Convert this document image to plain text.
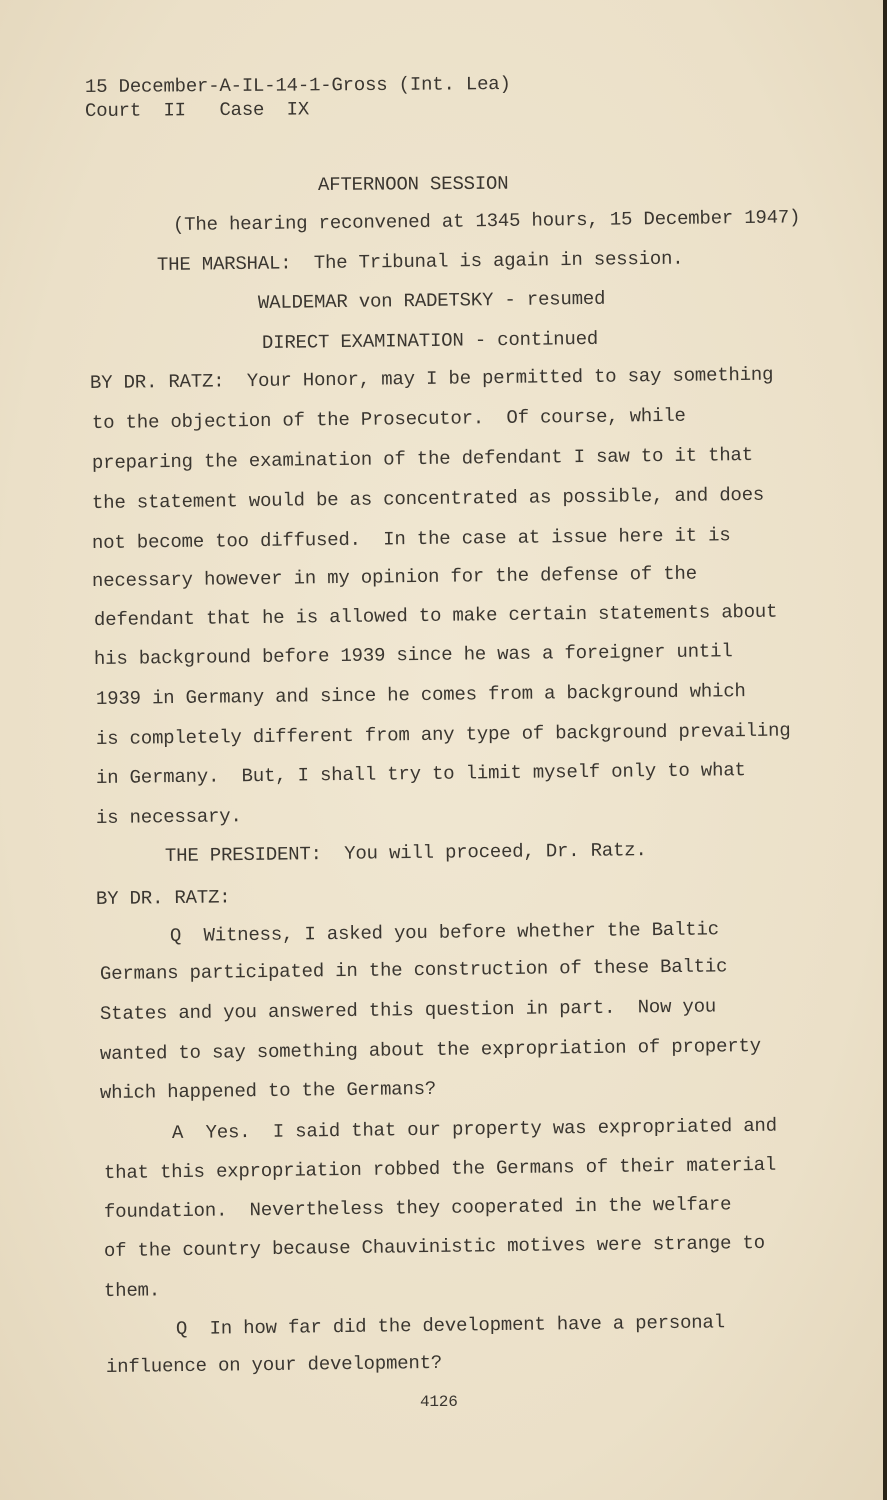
15 December-A-IL-14-1-Gross (Int. Lea)
Court  II   Case  IX
AFTERNOON SESSION
(The hearing reconvened at 1345 hours, 15 December 1947)
THE MARSHAL:  The Tribunal is again in session.
WALDEMAR von RADETSKY - resumed
DIRECT EXAMINATION - continued
BY DR. RATZ:  Your Honor, may I be permitted to say something
to the objection of the Prosecutor.  Of course, while
preparing the examination of the defendant I saw to it that
the statement would be as concentrated as possible, and does
not become too diffused.  In the case at issue here it is
necessary however in my opinion for the defense of the
defendant that he is allowed to make certain statements about
his background before 1939 since he was a foreigner until
1939 in Germany and since he comes from a background which
is completely different from any type of background prevailing
in Germany.  But, I shall try to limit myself only to what
is necessary.
THE PRESIDENT:  You will proceed, Dr. Ratz.
BY DR. RATZ:
Q  Witness, I asked you before whether the Baltic
Germans participated in the construction of these Baltic
States and you answered this question in part.  Now you
wanted to say something about the expropriation of property
which happened to the Germans?
A  Yes.  I said that our property was expropriated and
that this expropriation robbed the Germans of their material
foundation.  Nevertheless they cooperated in the welfare
of the country because Chauvinistic motives were strange to
them.
Q  In how far did the development have a personal
influence on your development?
4126
